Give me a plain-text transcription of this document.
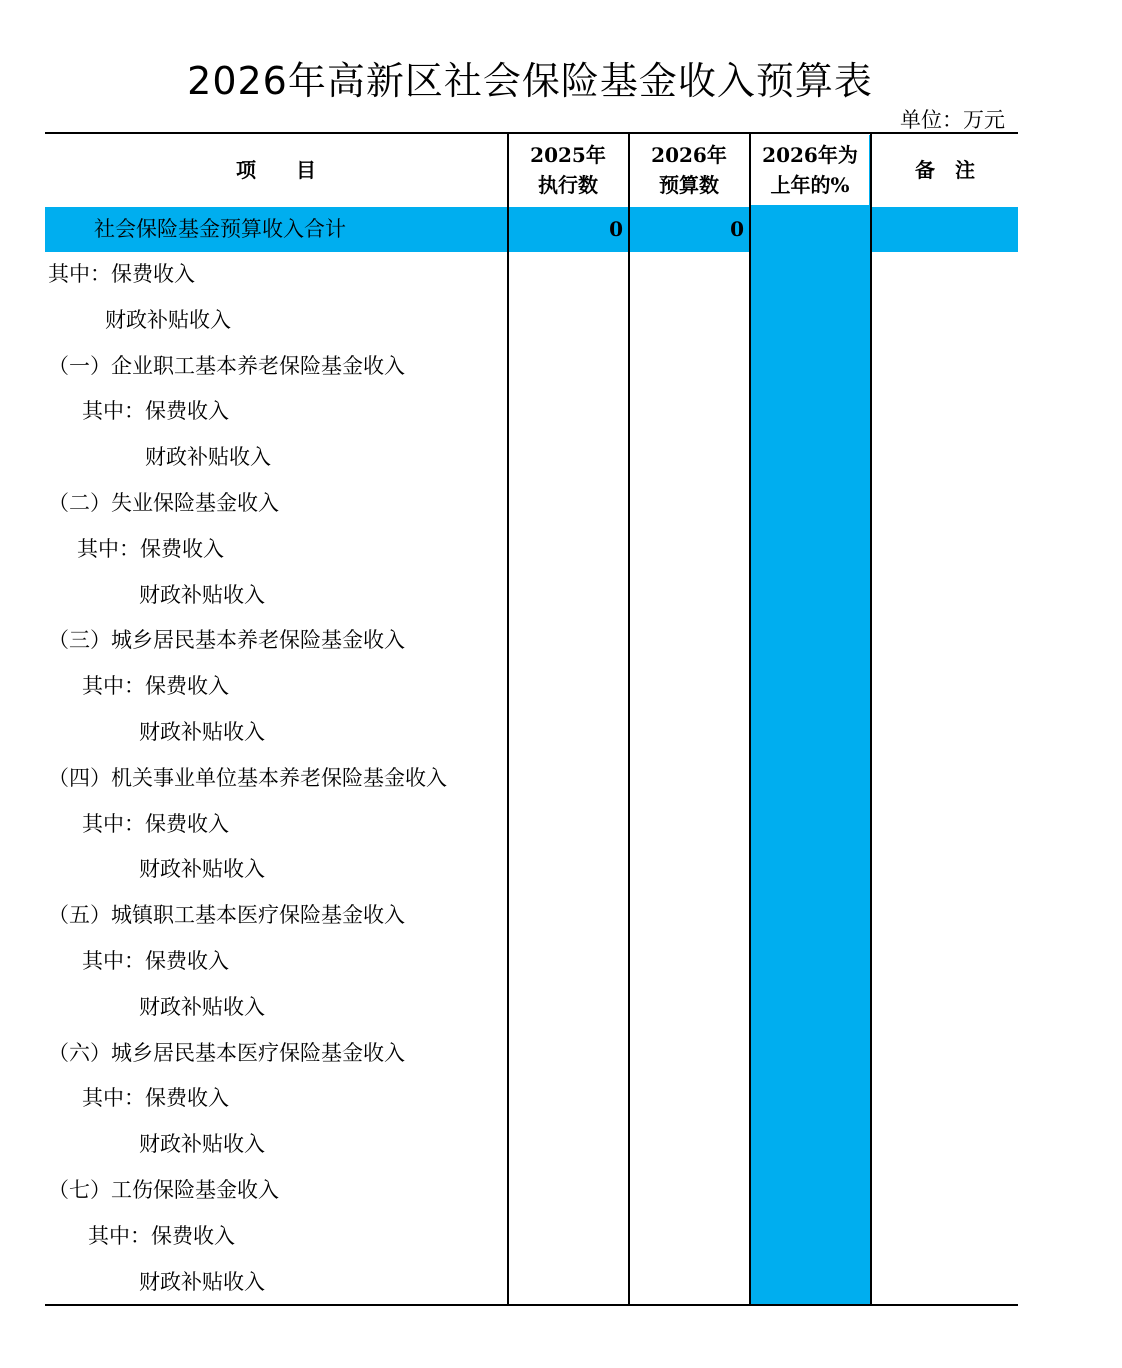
2026年高新区社会保险基金收入预算表
单位：万元
项　　目
2025年
执行数
2026年
预算数
2026年为
上年的%
备　注
社会保险基金预算收入合计	0	0
其中：保费收入
财政补贴收入
（一）企业职工基本养老保险基金收入
其中：保费收入
财政补贴收入
（二）失业保险基金收入
其中：保费收入
财政补贴收入
（三）城乡居民基本养老保险基金收入
其中：保费收入
财政补贴收入
（四）机关事业单位基本养老保险基金收入
其中：保费收入
财政补贴收入
（五）城镇职工基本医疗保险基金收入
其中：保费收入
财政补贴收入
（六）城乡居民基本医疗保险基金收入
其中：保费收入
财政补贴收入
（七）工伤保险基金收入
其中：保费收入
财政补贴收入
